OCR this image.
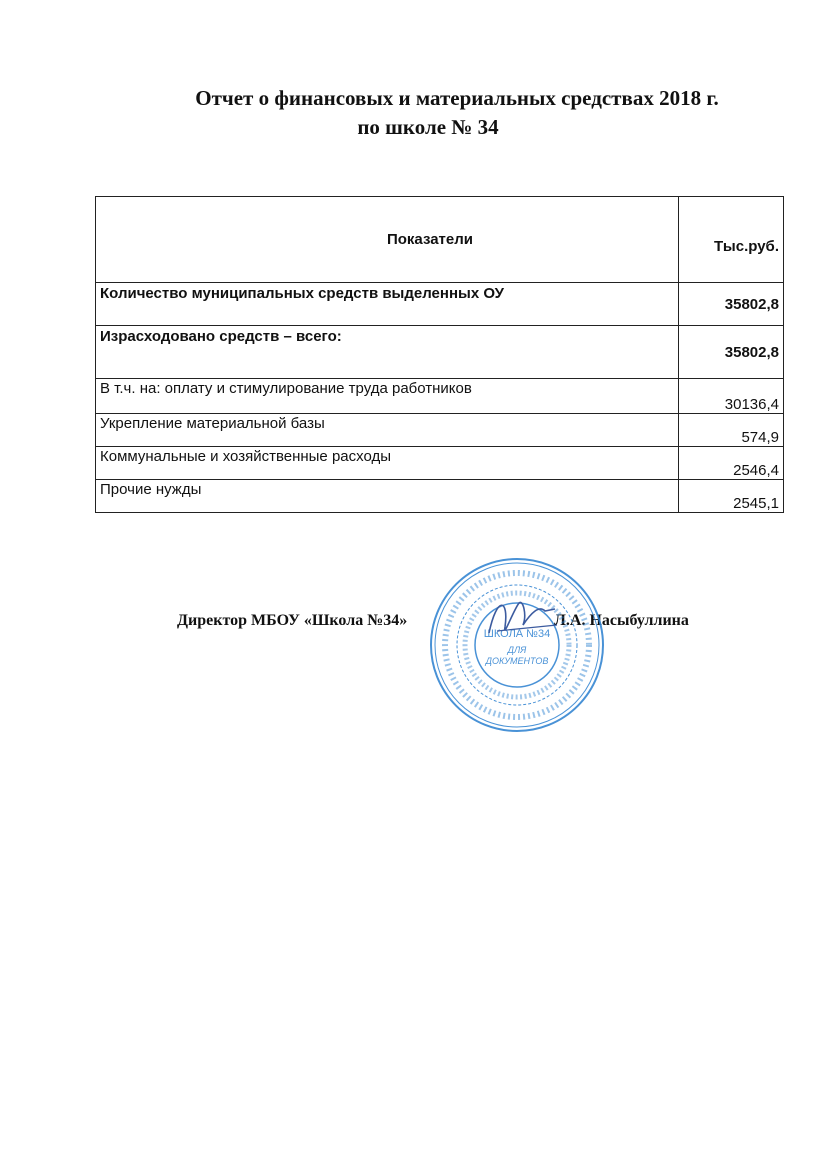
Отчет о финансовых и материальных средствах 2018 г.
по школе № 34
Показатели	Тыс.руб.
Количество муниципальных средств выделенных ОУ	35802,8
Израсходовано средств – всего:	35802,8
В т.ч. на: оплату и стимулирование труда работников	30136,4
Укрепление материальной базы	574,9
Коммунальные и хозяйственные расходы	2546,4
Прочие нужды	2545,1
Директор МБОУ «Школа №34»	Л.А. Насыбуллина
ШКОЛА №34
ДЛЯ
ДОКУМЕНТОВ
